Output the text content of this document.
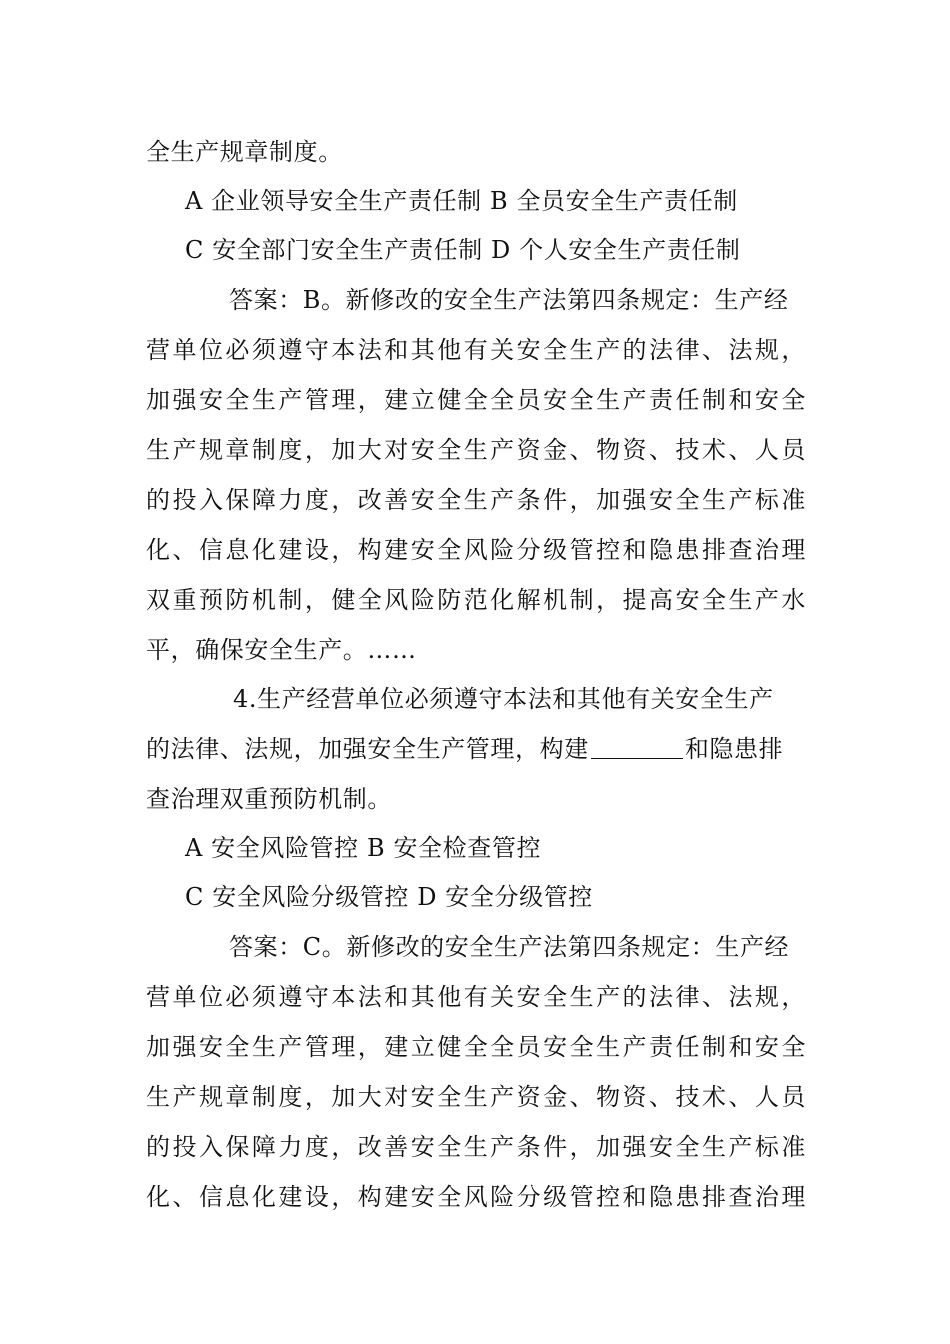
全生产规章制度。
A 企业领导安全生产责任制 B 全员安全生产责任制
C 安全部门安全生产责任制 D 个人安全生产责任制
答案：B。新修改的安全生产法第四条规定：生产经
营单位必须遵守本法和其他有关安全生产的法律、法规，
加强安全生产管理，建立健全全员安全生产责任制和安全
生产规章制度，加大对安全生产资金、物资、技术、人员
的投入保障力度，改善安全生产条件，加强安全生产标准
化、信息化建设，构建安全风险分级管控和隐患排查治理
双重预防机制，健全风险防范化解机制，提高安全生产水
平，确保安全生产。……
4.生产经营单位必须遵守本法和其他有关安全生产
的法律、法规，加强安全生产管理，构建	和隐患排
查治理双重预防机制。
A 安全风险管控 B 安全检查管控
C 安全风险分级管控 D 安全分级管控
答案：C。新修改的安全生产法第四条规定：生产经
营单位必须遵守本法和其他有关安全生产的法律、法规，
加强安全生产管理，建立健全全员安全生产责任制和安全
生产规章制度，加大对安全生产资金、物资、技术、人员
的投入保障力度，改善安全生产条件，加强安全生产标准
化、信息化建设，构建安全风险分级管控和隐患排查治理
